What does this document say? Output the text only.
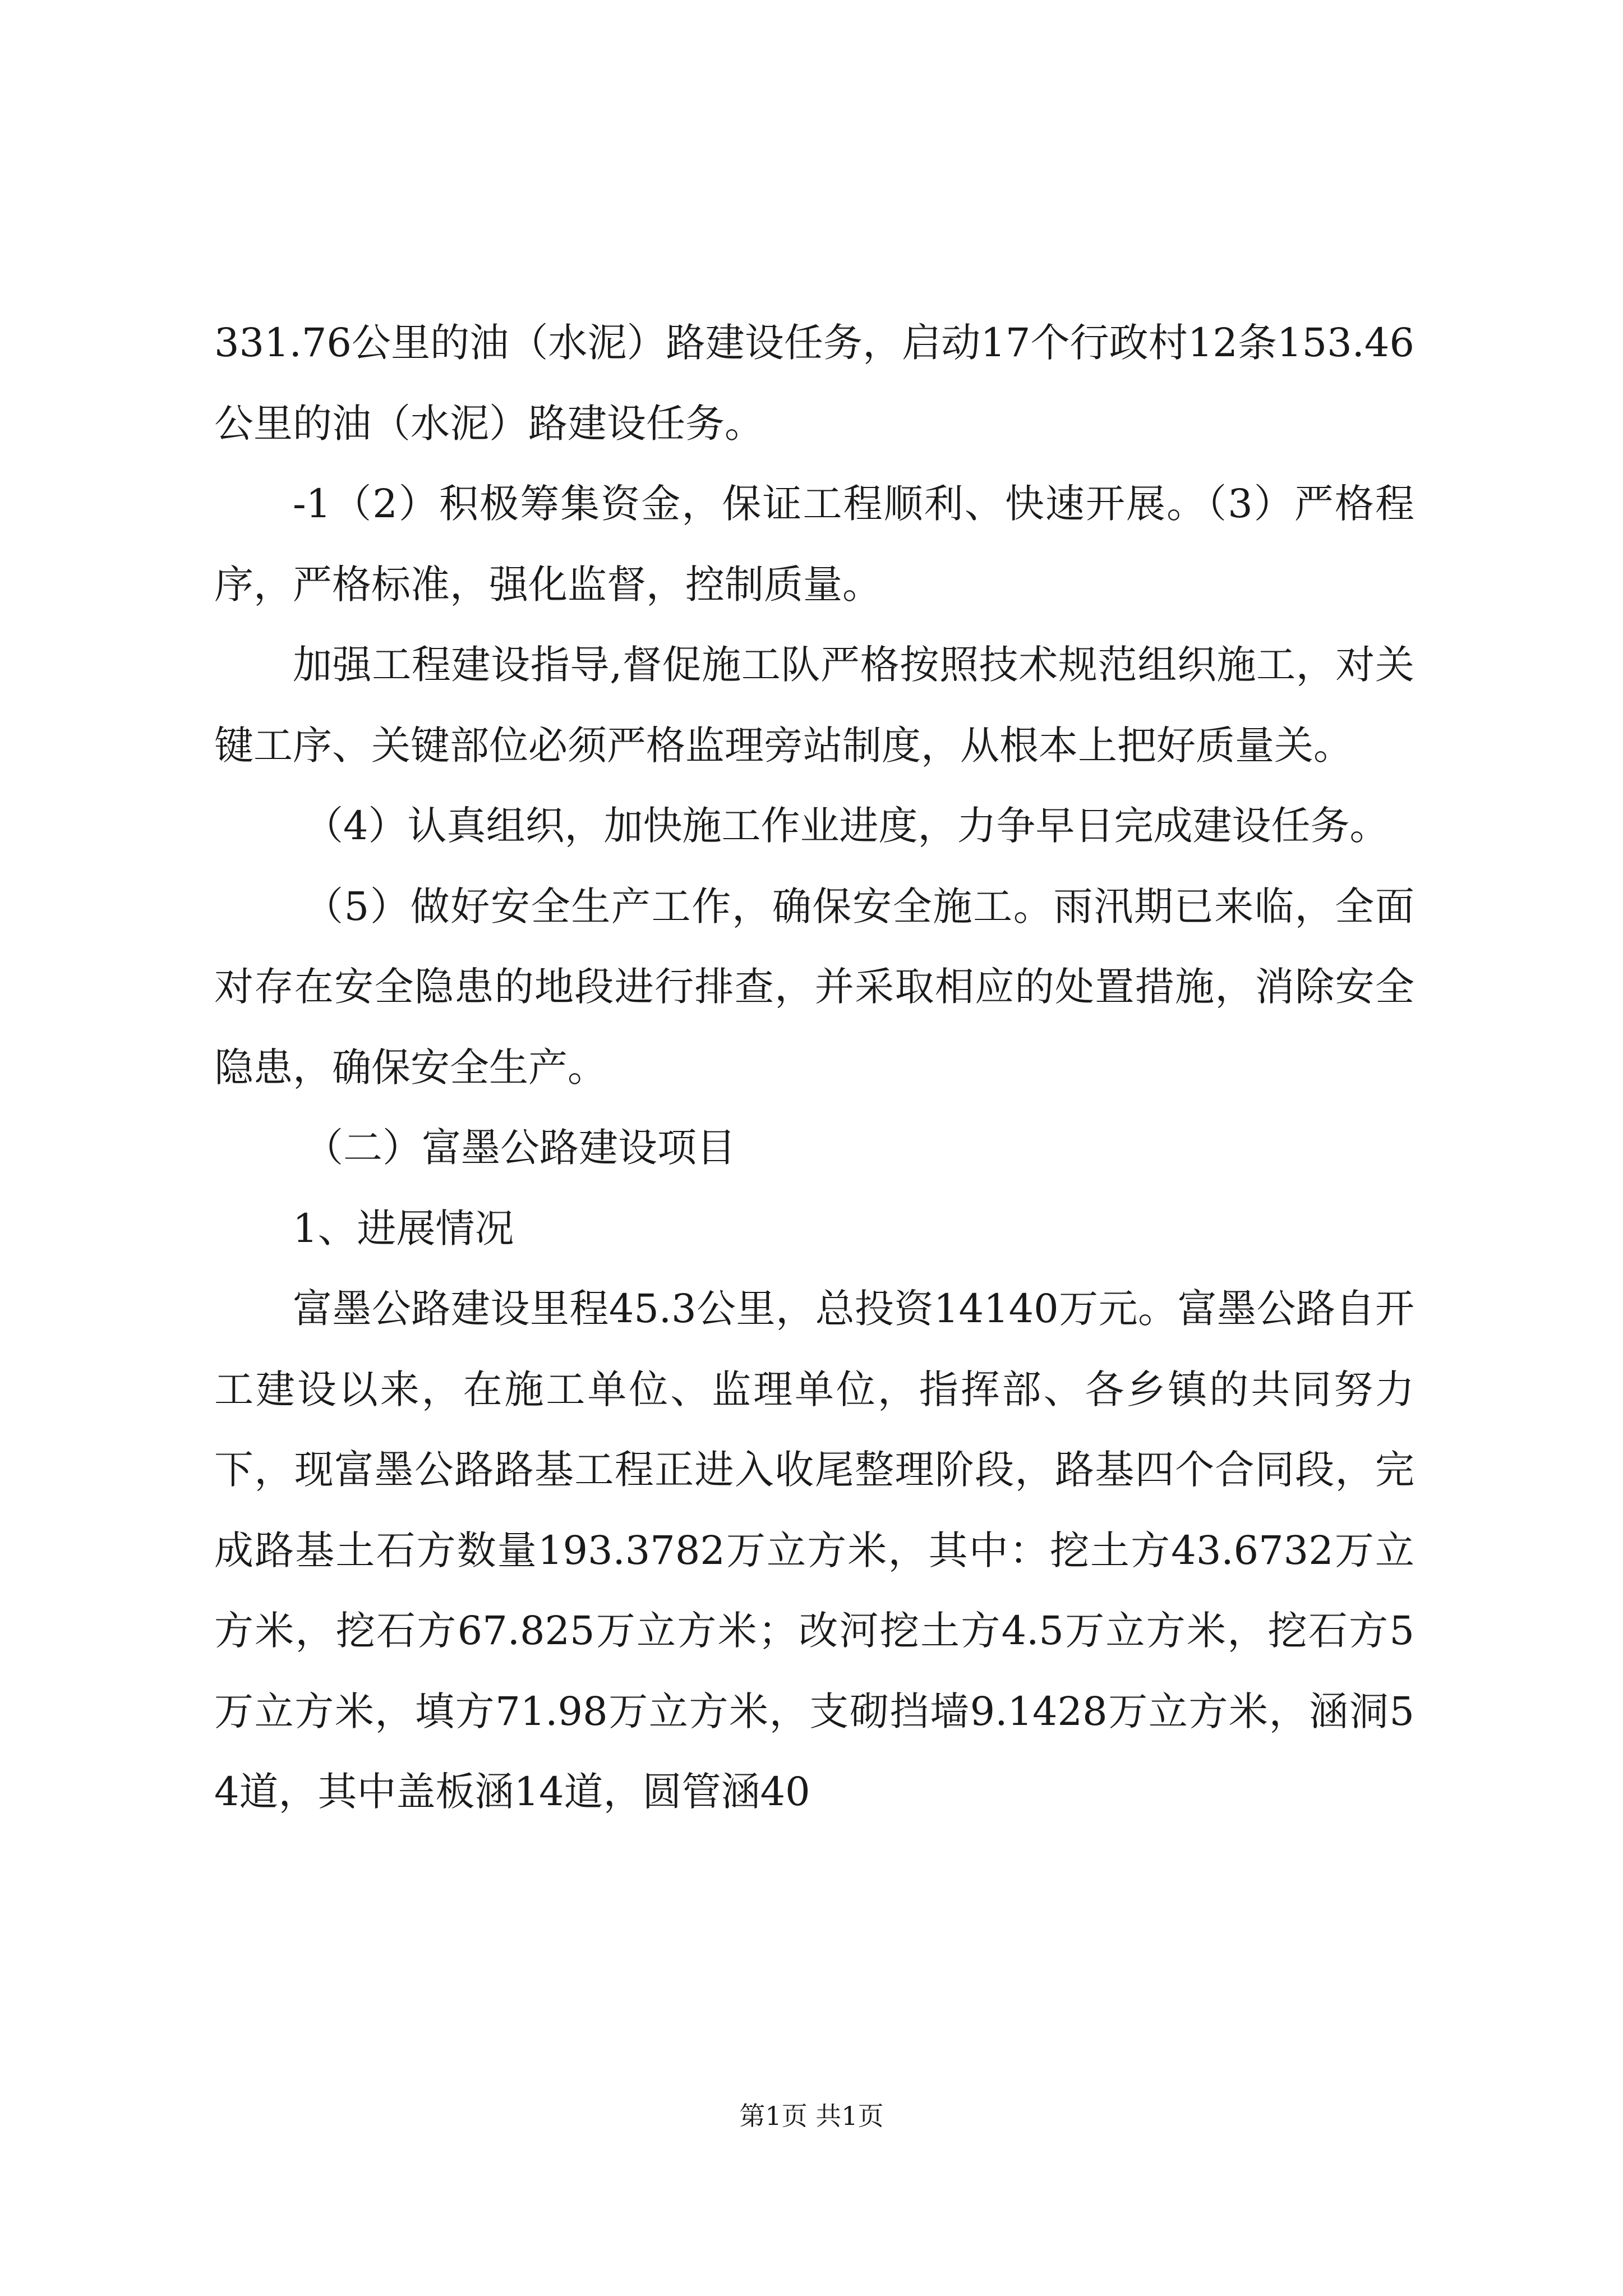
331.76公里的油（水泥）路建设任务，启动17个行政村12条153.46公里的油（水泥）路建设任务。

-1（2）积极筹集资金，保证工程顺利、快速开展。（3）严格程序，严格标准，强化监督，控制质量。

加强工程建设指导,督促施工队严格按照技术规范组织施工，对关键工序、关键部位必须严格监理旁站制度，从根本上把好质量关。

（4）认真组织，加快施工作业进度，力争早日完成建设任务。

（5）做好安全生产工作，确保安全施工。雨汛期已来临，全面对存在安全隐患的地段进行排查，并采取相应的处置措施，消除安全隐患，确保安全生产。

（二）富墨公路建设项目

1、进展情况

富墨公路建设里程45.3公里，总投资14140万元。富墨公路自开工建设以来，在施工单位、监理单位，指挥部、各乡镇的共同努力下，现富墨公路路基工程正进入收尾整理阶段，路基四个合同段，完成路基土石方数量193.3782万立方米，其中：挖土方43.6732万立方米，挖石方67.825万立方米；改河挖土方4.5万立方米，挖石方5万立方米，填方71.98万立方米，支砌挡墙9.1428万立方米，涵洞54道，其中盖板涵14道，圆管涵40

第1页 共1页
